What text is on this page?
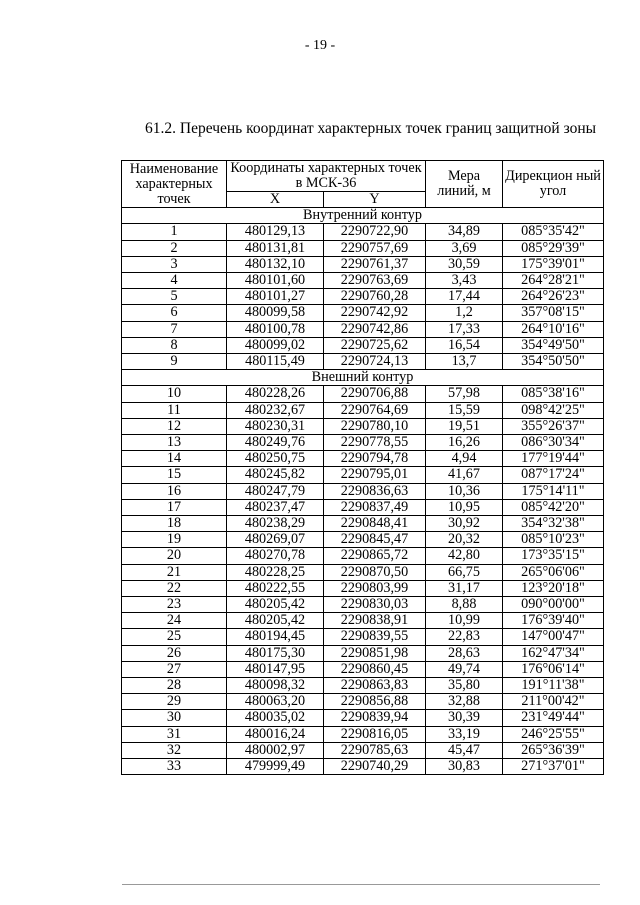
- 19 -
61.2. Перечень координат характерных точек границ защитной зоны
Наименование характерных точек	Координаты характерных точек в МСК-36		Мера линий, м	Дирекцион ный угол
	X	Y		
Внутренний контур				
1	480129,13	2290722,90	34,89	085°35'42"
2	480131,81	2290757,69	3,69	085°29'39"
3	480132,10	2290761,37	30,59	175°39'01"
4	480101,60	2290763,69	3,43	264°28'21"
5	480101,27	2290760,28	17,44	264°26'23"
6	480099,58	2290742,92	1,2	357°08'15"
7	480100,78	2290742,86	17,33	264°10'16"
8	480099,02	2290725,62	16,54	354°49'50"
9	480115,49	2290724,13	13,7	354°50'50"
Внешний контур				
10	480228,26	2290706,88	57,98	085°38'16"
11	480232,67	2290764,69	15,59	098°42'25"
12	480230,31	2290780,10	19,51	355°26'37"
13	480249,76	2290778,55	16,26	086°30'34"
14	480250,75	2290794,78	4,94	177°19'44"
15	480245,82	2290795,01	41,67	087°17'24"
16	480247,79	2290836,63	10,36	175°14'11"
17	480237,47	2290837,49	10,95	085°42'20"
18	480238,29	2290848,41	30,92	354°32'38"
19	480269,07	2290845,47	20,32	085°10'23"
20	480270,78	2290865,72	42,80	173°35'15"
21	480228,25	2290870,50	66,75	265°06'06"
22	480222,55	2290803,99	31,17	123°20'18"
23	480205,42	2290830,03	8,88	090°00'00"
24	480205,42	2290838,91	10,99	176°39'40"
25	480194,45	2290839,55	22,83	147°00'47"
26	480175,30	2290851,98	28,63	162°47'34"
27	480147,95	2290860,45	49,74	176°06'14"
28	480098,32	2290863,83	35,80	191°11'38"
29	480063,20	2290856,88	32,88	211°00'42"
30	480035,02	2290839,94	30,39	231°49'44"
31	480016,24	2290816,05	33,19	246°25'55"
32	480002,97	2290785,63	45,47	265°36'39"
33	479999,49	2290740,29	30,83	271°37'01"
